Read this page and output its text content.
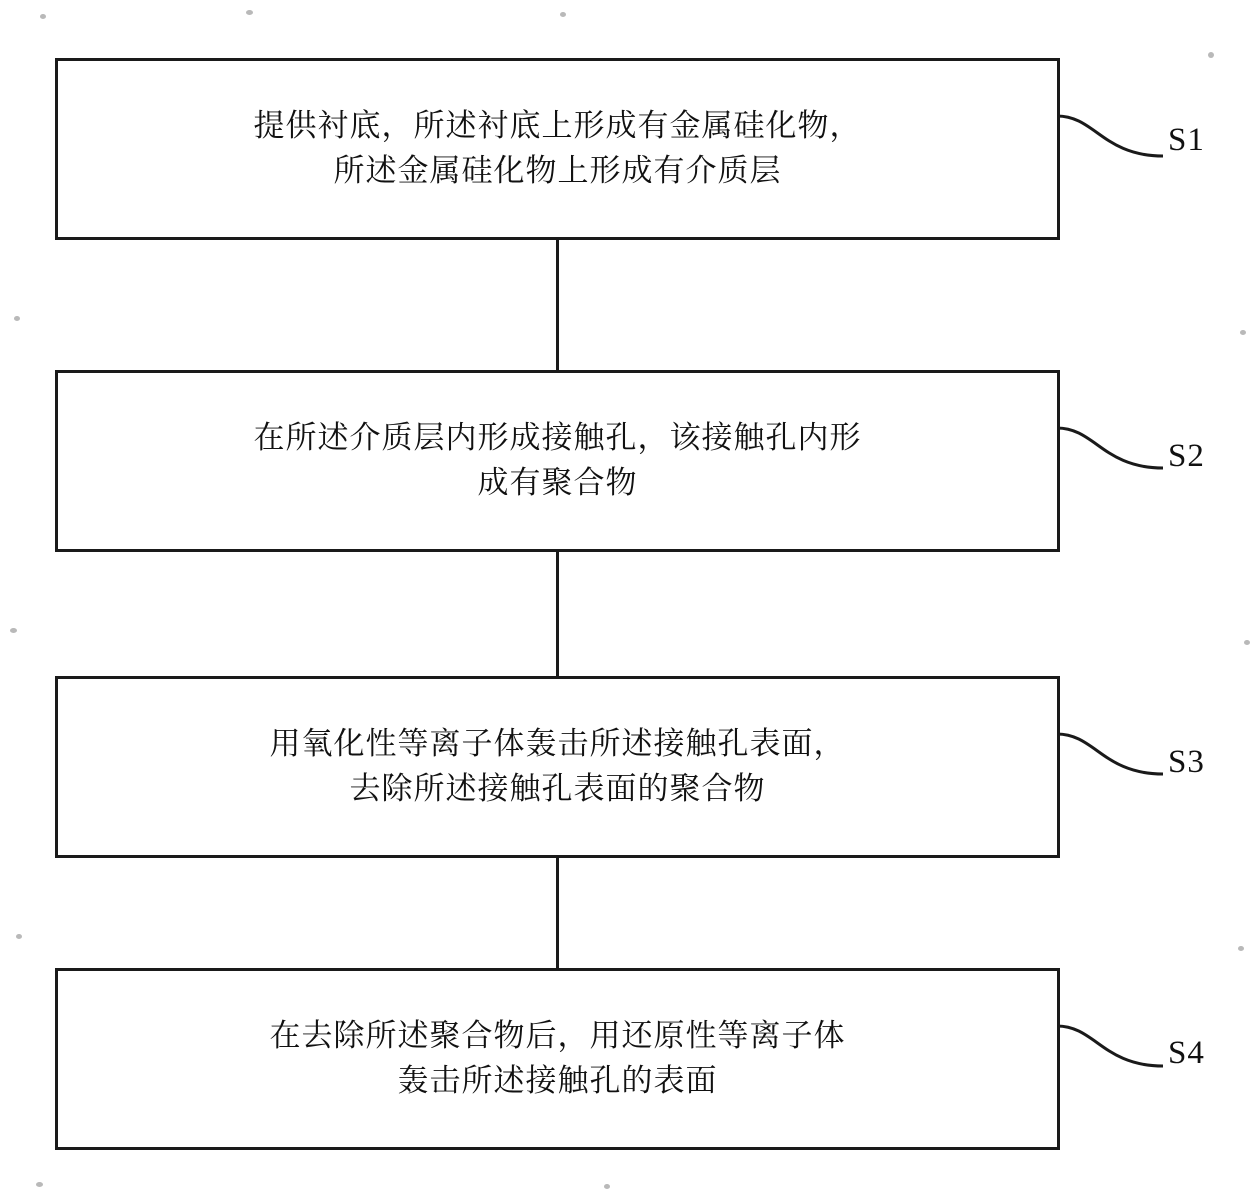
提供衬底，所述衬底上形成有金属硅化物，
所述金属硅化物上形成有介质层
S1
在所述介质层内形成接触孔，该接触孔内形
成有聚合物
S2
用氧化性等离子体轰击所述接触孔表面，
去除所述接触孔表面的聚合物
S3
在去除所述聚合物后，用还原性等离子体
轰击所述接触孔的表面
S4
